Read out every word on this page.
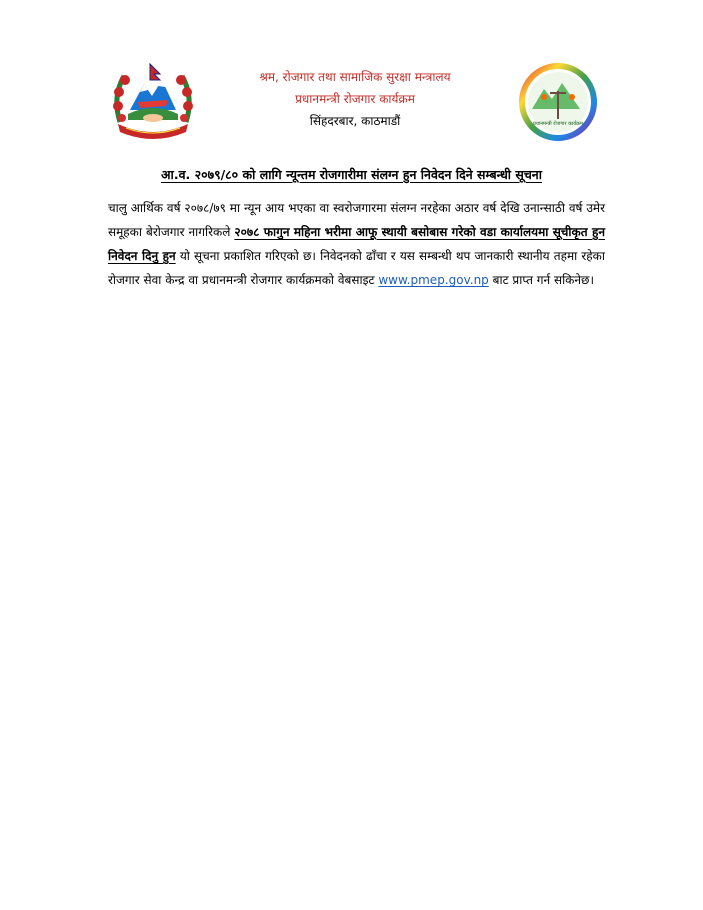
श्रम, रोजगार तथा सामाजिक सुरक्षा मन्त्रालय
प्रधानमन्त्री रोजगार कार्यक्रम
सिंहदरबार, काठमाडौं	प्रधानमन्त्री रोजगार कार्यक्रम
आ.व. २०७९/८० को लागि न्यून्तम रोजगारीमा संलग्न हुन निवेदन दिने सम्बन्धी सूचना
चालु आर्थिक वर्ष २०७८/७९ मा न्यून आय भएका वा स्वरोजगारमा संलग्न नरहेका अठार वर्ष देखि उनान्साठी वर्ष उमेर समूहका बेरोजगार नागरिकले २०७८ फागुन महिना भरीमा आफू स्थायी बसोबास गरेको वडा कार्यालयमा सूचीकृत हुन निवेदन दिनु हुन यो सूचना प्रकाशित गरिएको छ। निवेदनको ढाँचा र यस सम्बन्धी थप जानकारी स्थानीय तहमा रहेका रोजगार सेवा केन्द्र वा प्रधानमन्त्री रोजगार कार्यक्रमको वेबसाइट www.pmep.gov.np बाट प्राप्त गर्न सकिनेछ।
